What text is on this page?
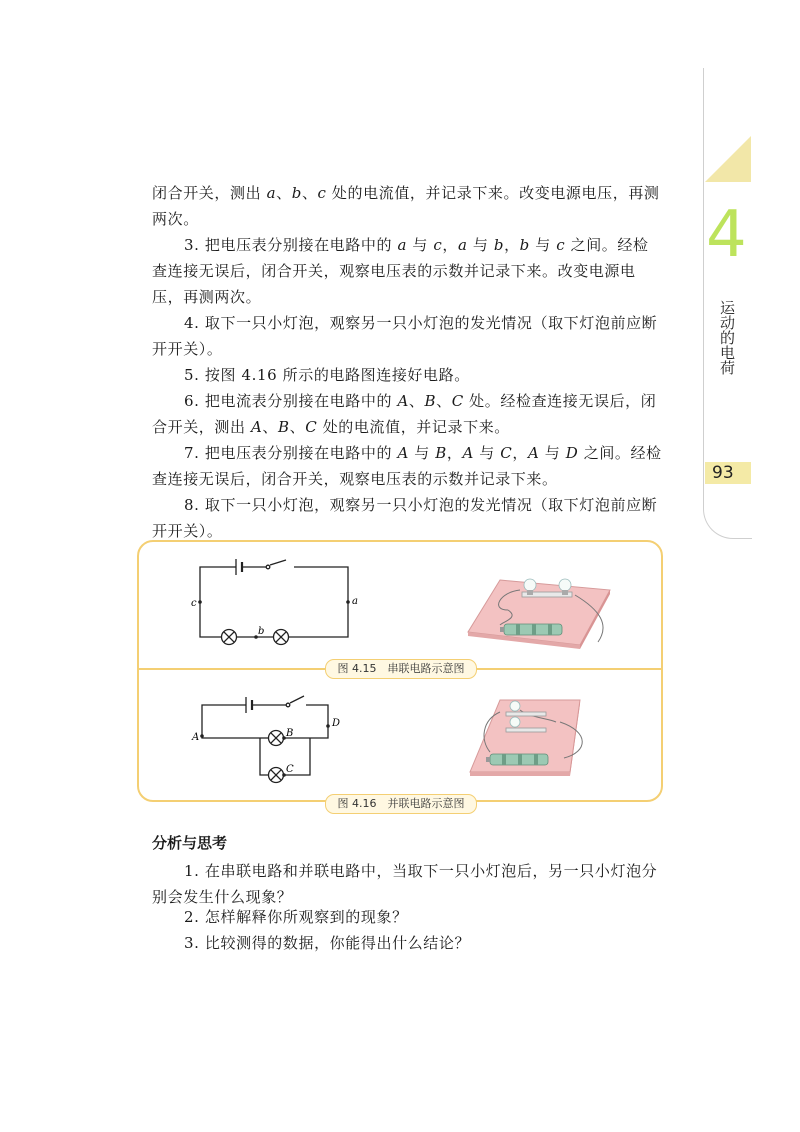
4
运动的电荷
93

闭合开关，测出 a、b、c 处的电流值，并记录下来。改变电源电压，再测两次。

3. 把电压表分别接在电路中的 a 与 c，a 与 b，b 与 c 之间。经检查连接无误后，闭合开关，观察电压表的示数并记录下来。改变电源电压，再测两次。

4. 取下一只小灯泡，观察另一只小灯泡的发光情况（取下灯泡前应断开开关）。

5. 按图 4.16 所示的电路图连接好电路。

6. 把电流表分别接在电路中的 A、B、C 处。经检查连接无误后，闭合开关，测出 A、B、C 处的电流值，并记录下来。

7. 把电压表分别接在电路中的 A 与 B，A 与 C，A 与 D 之间。经检查连接无误后，闭合开关，观察电压表的示数并记录下来。

8. 取下一只小灯泡，观察另一只小灯泡的发光情况（取下灯泡前应断开开关）。

c	a
b
图 4.15　串联电路示意图
A
D
B
C
图 4.16　并联电路示意图
分析与思考

1. 在串联电路和并联电路中，当取下一只小灯泡后，另一只小灯泡分别会发生什么现象？

2. 怎样解释你所观察到的现象？

3. 比较测得的数据，你能得出什么结论？
